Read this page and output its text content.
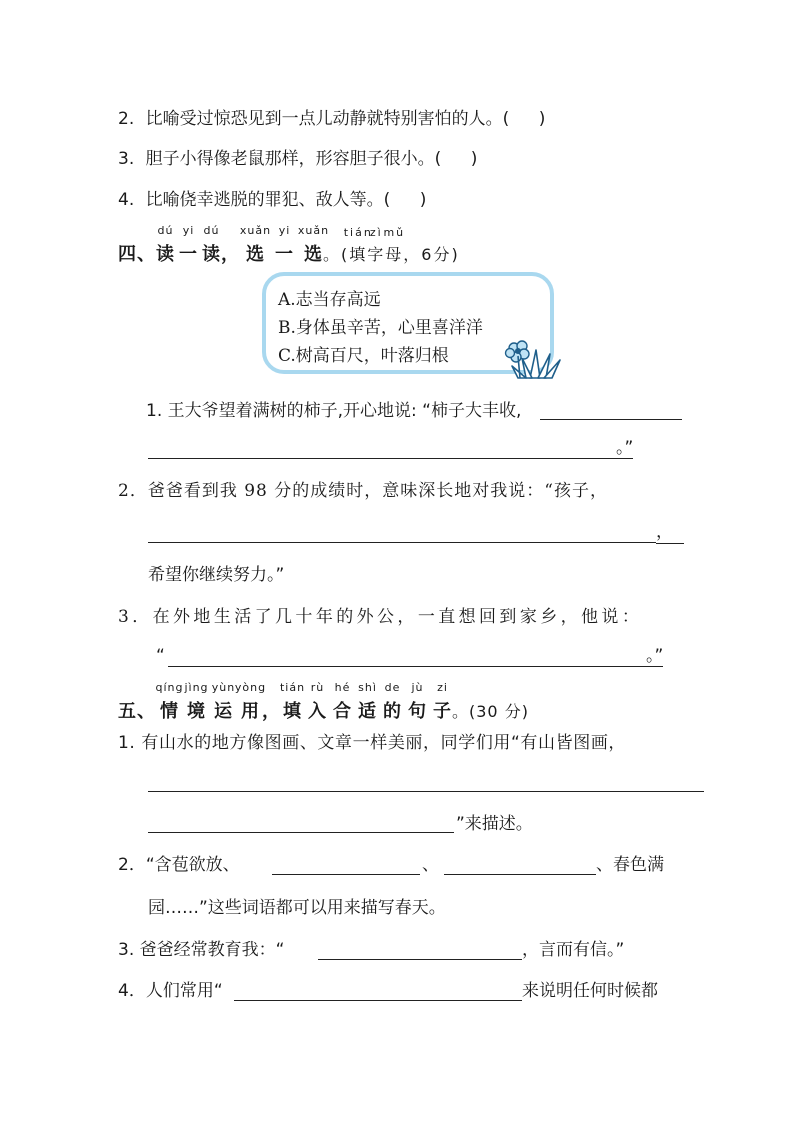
2. 比喻受过惊恐见到一点儿动静就特别害怕的人。( )
3. 胆子小得像老鼠那样，形容胆子很小。( )
4. 比喻侥幸逃脱的罪犯、敌人等。( )
四、
dú
读
yi
一
dú
读
，
xuǎn
选
yi
一
xuǎn
选
。(
tián
填
zì
字
mǔ
母
，6分)
A.志当存高远
B.身体虽辛苦，心里喜洋洋
C.树高百尺，叶落归根
1. 王大爷望着满树的柿子,开心地说: “柿子大丰收,
。”
2．爸爸看到我 98 分的成绩时，意味深长地对我说：“孩子，
，
希望你继续努力。”
3．在外地生活了几十年的外公，一直想回到家乡，他说：
“	。”
五、
qíng
情
jìng
境
yùn
运
yòng
用 ，
tián
填
rù
入
hé
合
shì
适
de
的
jù
句
zi
子。(30 分)
1. 有山水的地方像图画、文章一样美丽，同学们用“有山皆图画，
”来描述。
2．“含苞欲放、	、	、春色满
园……”这些词语都可以用来描写春天。
3. 爸爸经常教育我：“	，言而有信。”
4．人们常用“	来说明任何时候都
